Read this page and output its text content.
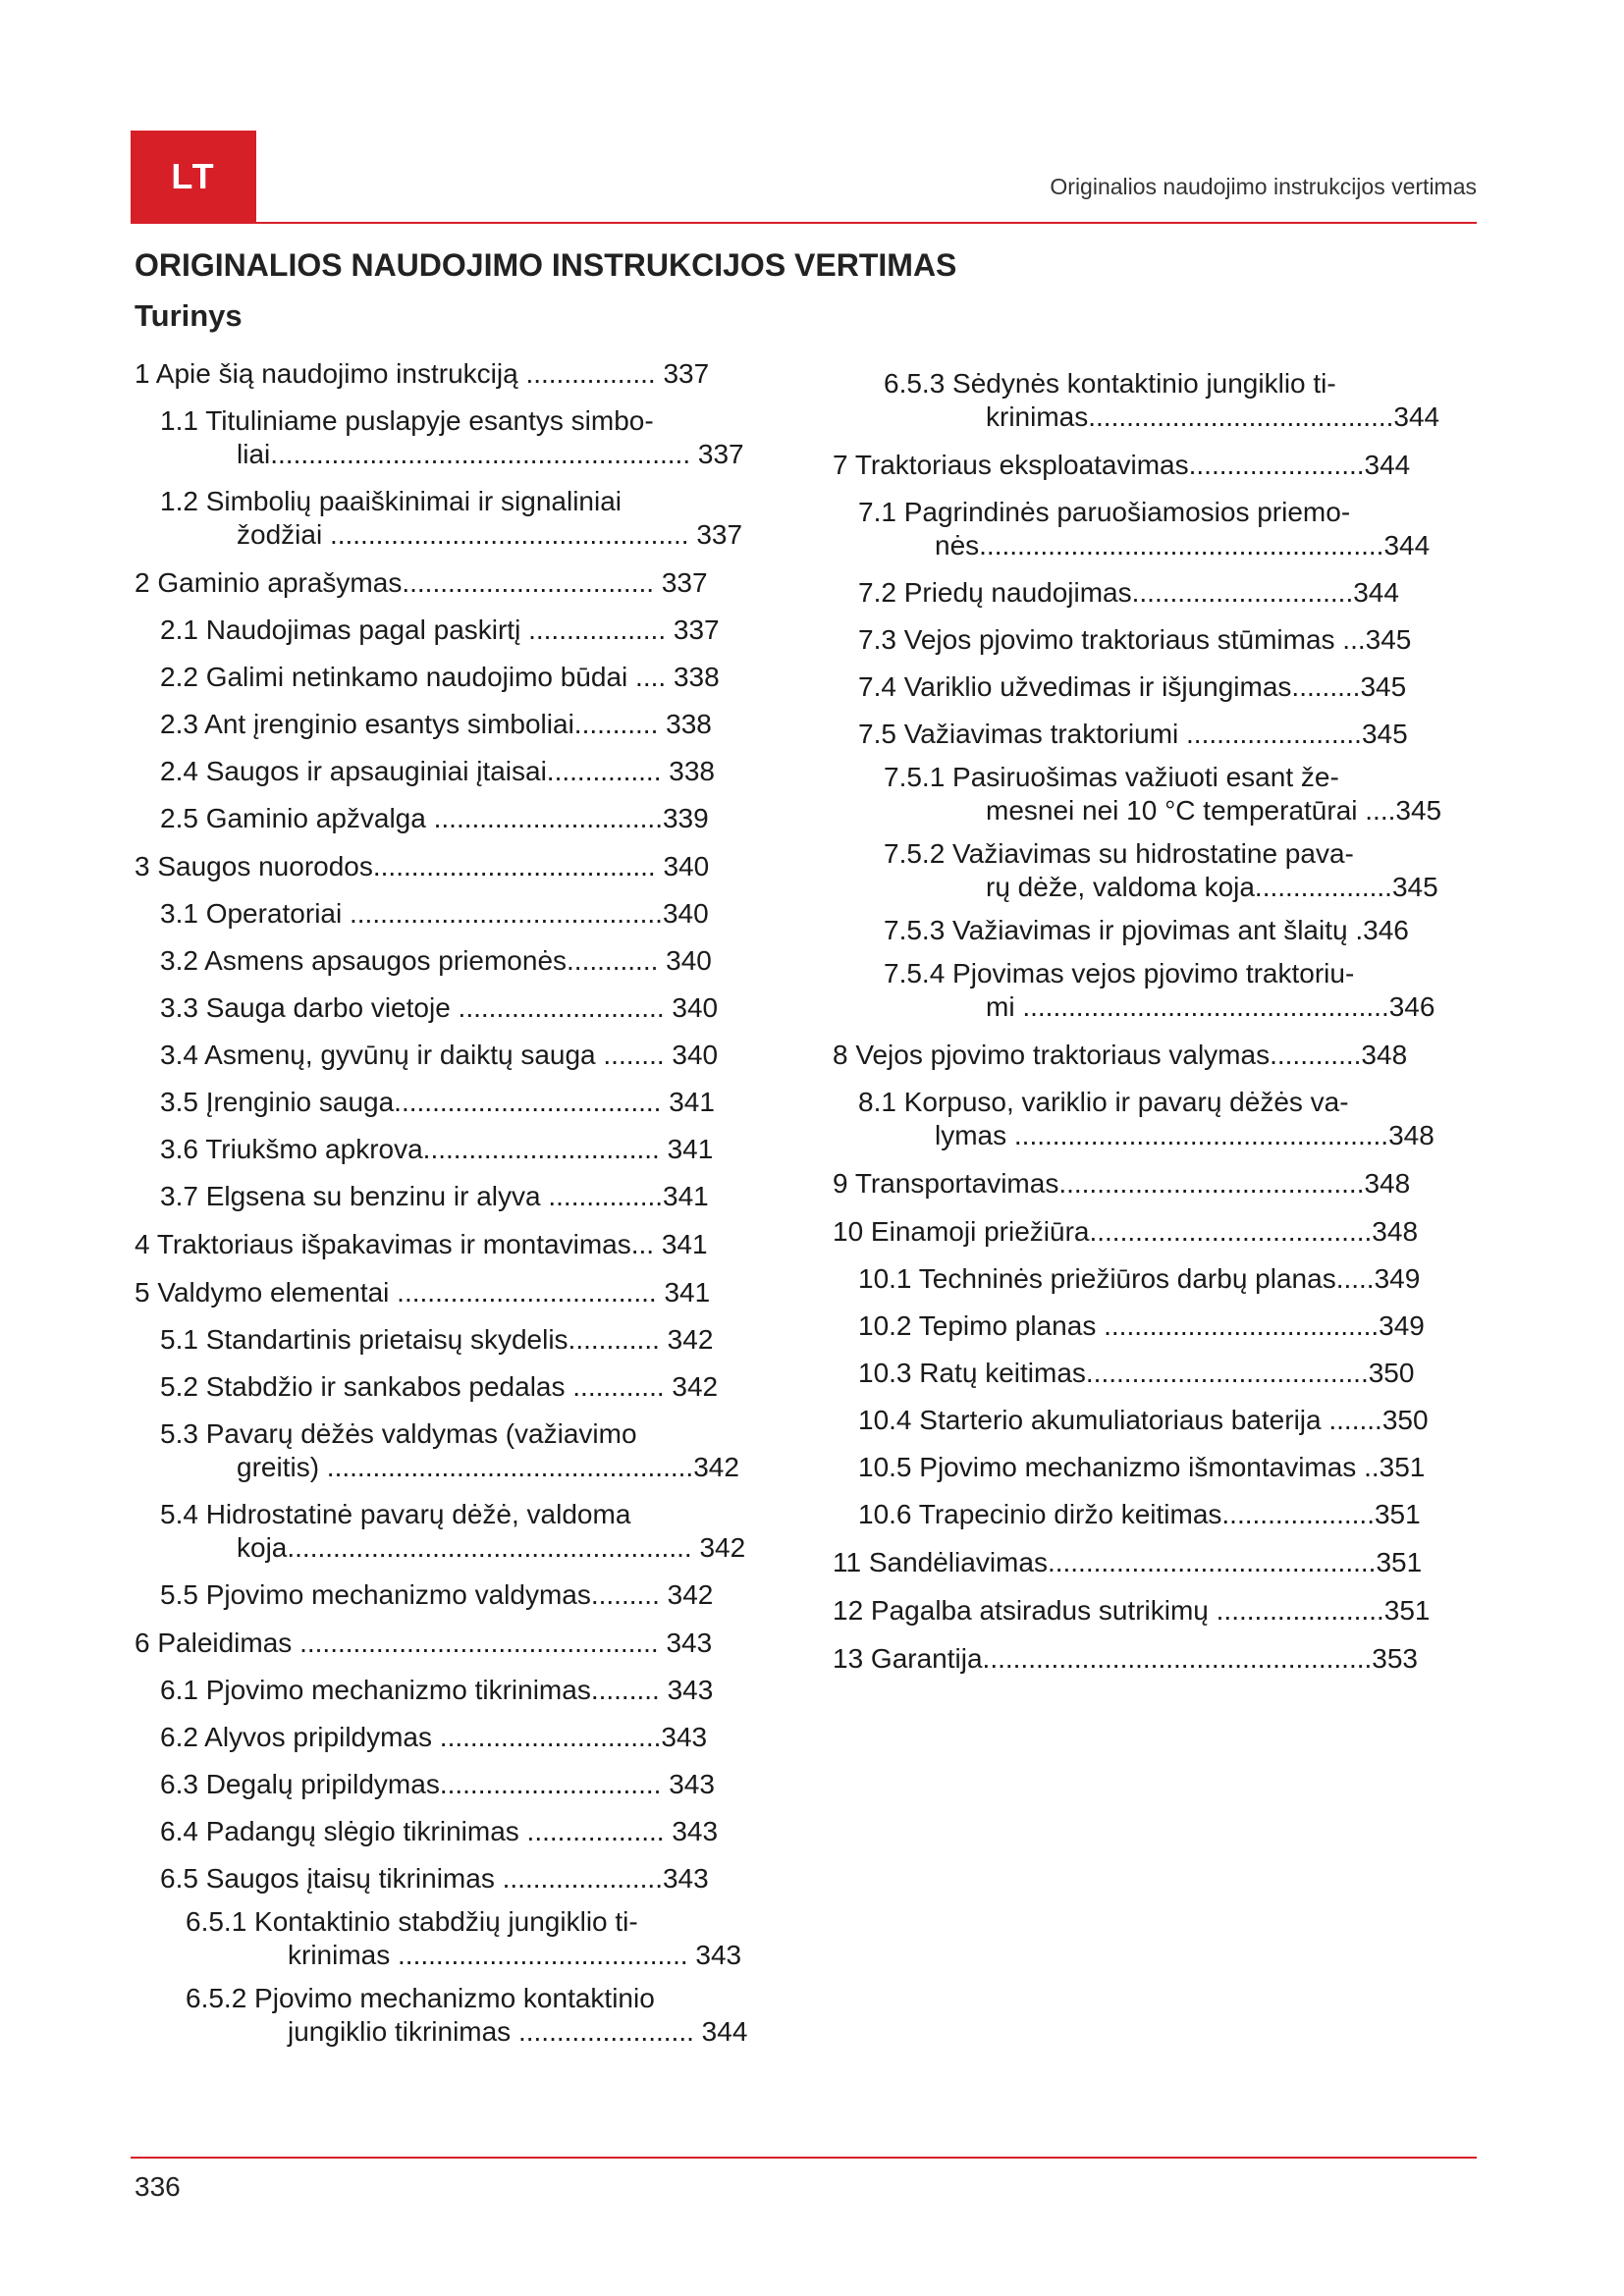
LT	Originalios naudojimo instrukcijos vertimas
ORIGINALIOS NAUDOJIMO INSTRUKCIJOS VERTIMAS
Turinys
1 Apie šią naudojimo instrukciją ................. 337
1.1 Tituliniame puslapyje esantys simbo-
liai....................................................... 337
1.2 Simbolių paaiškinimai ir signaliniai
žodžiai ............................................... 337
2 Gaminio aprašymas................................. 337
2.1 Naudojimas pagal paskirtį .................. 337
2.2 Galimi netinkamo naudojimo būdai .... 338
2.3 Ant įrenginio esantys simboliai........... 338
2.4 Saugos ir apsauginiai įtaisai............... 338
2.5 Gaminio apžvalga ..............................339
3 Saugos nuorodos..................................... 340
3.1 Operatoriai .........................................340
3.2 Asmens apsaugos priemonės............ 340
3.3 Sauga darbo vietoje ........................... 340
3.4 Asmenų, gyvūnų ir daiktų sauga ........ 340
3.5 Įrenginio sauga................................... 341
3.6 Triukšmo apkrova............................... 341
3.7 Elgsena su benzinu ir alyva ...............341
4 Traktoriaus išpakavimas ir montavimas... 341
5 Valdymo elementai .................................. 341
5.1 Standartinis prietaisų skydelis............ 342
5.2 Stabdžio ir sankabos pedalas ............ 342
5.3 Pavarų dėžės valdymas (važiavimo
greitis) ................................................342
5.4 Hidrostatinė pavarų dėžė, valdoma
koja..................................................... 342
5.5 Pjovimo mechanizmo valdymas......... 342
6 Paleidimas ............................................... 343
6.1 Pjovimo mechanizmo tikrinimas......... 343
6.2 Alyvos pripildymas .............................343
6.3 Degalų pripildymas............................. 343
6.4 Padangų slėgio tikrinimas .................. 343
6.5 Saugos įtaisų tikrinimas .....................343
6.5.1 Kontaktinio stabdžių jungiklio ti-
krinimas ...................................... 343
6.5.2 Pjovimo mechanizmo kontaktinio
jungiklio tikrinimas ....................... 344
6.5.3 Sėdynės kontaktinio jungiklio ti-
krinimas........................................344
7 Traktoriaus eksploatavimas.......................344
7.1 Pagrindinės paruošiamosios priemo-
nės.....................................................344
7.2 Priedų naudojimas.............................344
7.3 Vejos pjovimo traktoriaus stūmimas ...345
7.4 Variklio užvedimas ir išjungimas.........345
7.5 Važiavimas traktoriumi .......................345
7.5.1 Pasiruošimas važiuoti esant že-
mesnei nei 10 °C temperatūrai ....345
7.5.2 Važiavimas su hidrostatine pava-
rų dėže, valdoma koja..................345
7.5.3 Važiavimas ir pjovimas ant šlaitų .346
7.5.4 Pjovimas vejos pjovimo traktoriu-
mi ................................................346
8 Vejos pjovimo traktoriaus valymas............348
8.1 Korpuso, variklio ir pavarų dėžės va-
lymas .................................................348
9 Transportavimas........................................348
10 Einamoji priežiūra.....................................348
10.1 Techninės priežiūros darbų planas.....349
10.2 Tepimo planas ....................................349
10.3 Ratų keitimas.....................................350
10.4 Starterio akumuliatoriaus baterija .......350
10.5 Pjovimo mechanizmo išmontavimas ..351
10.6 Trapecinio diržo keitimas....................351
11 Sandėliavimas...........................................351
12 Pagalba atsiradus sutrikimų ......................351
13 Garantija...................................................353
336
